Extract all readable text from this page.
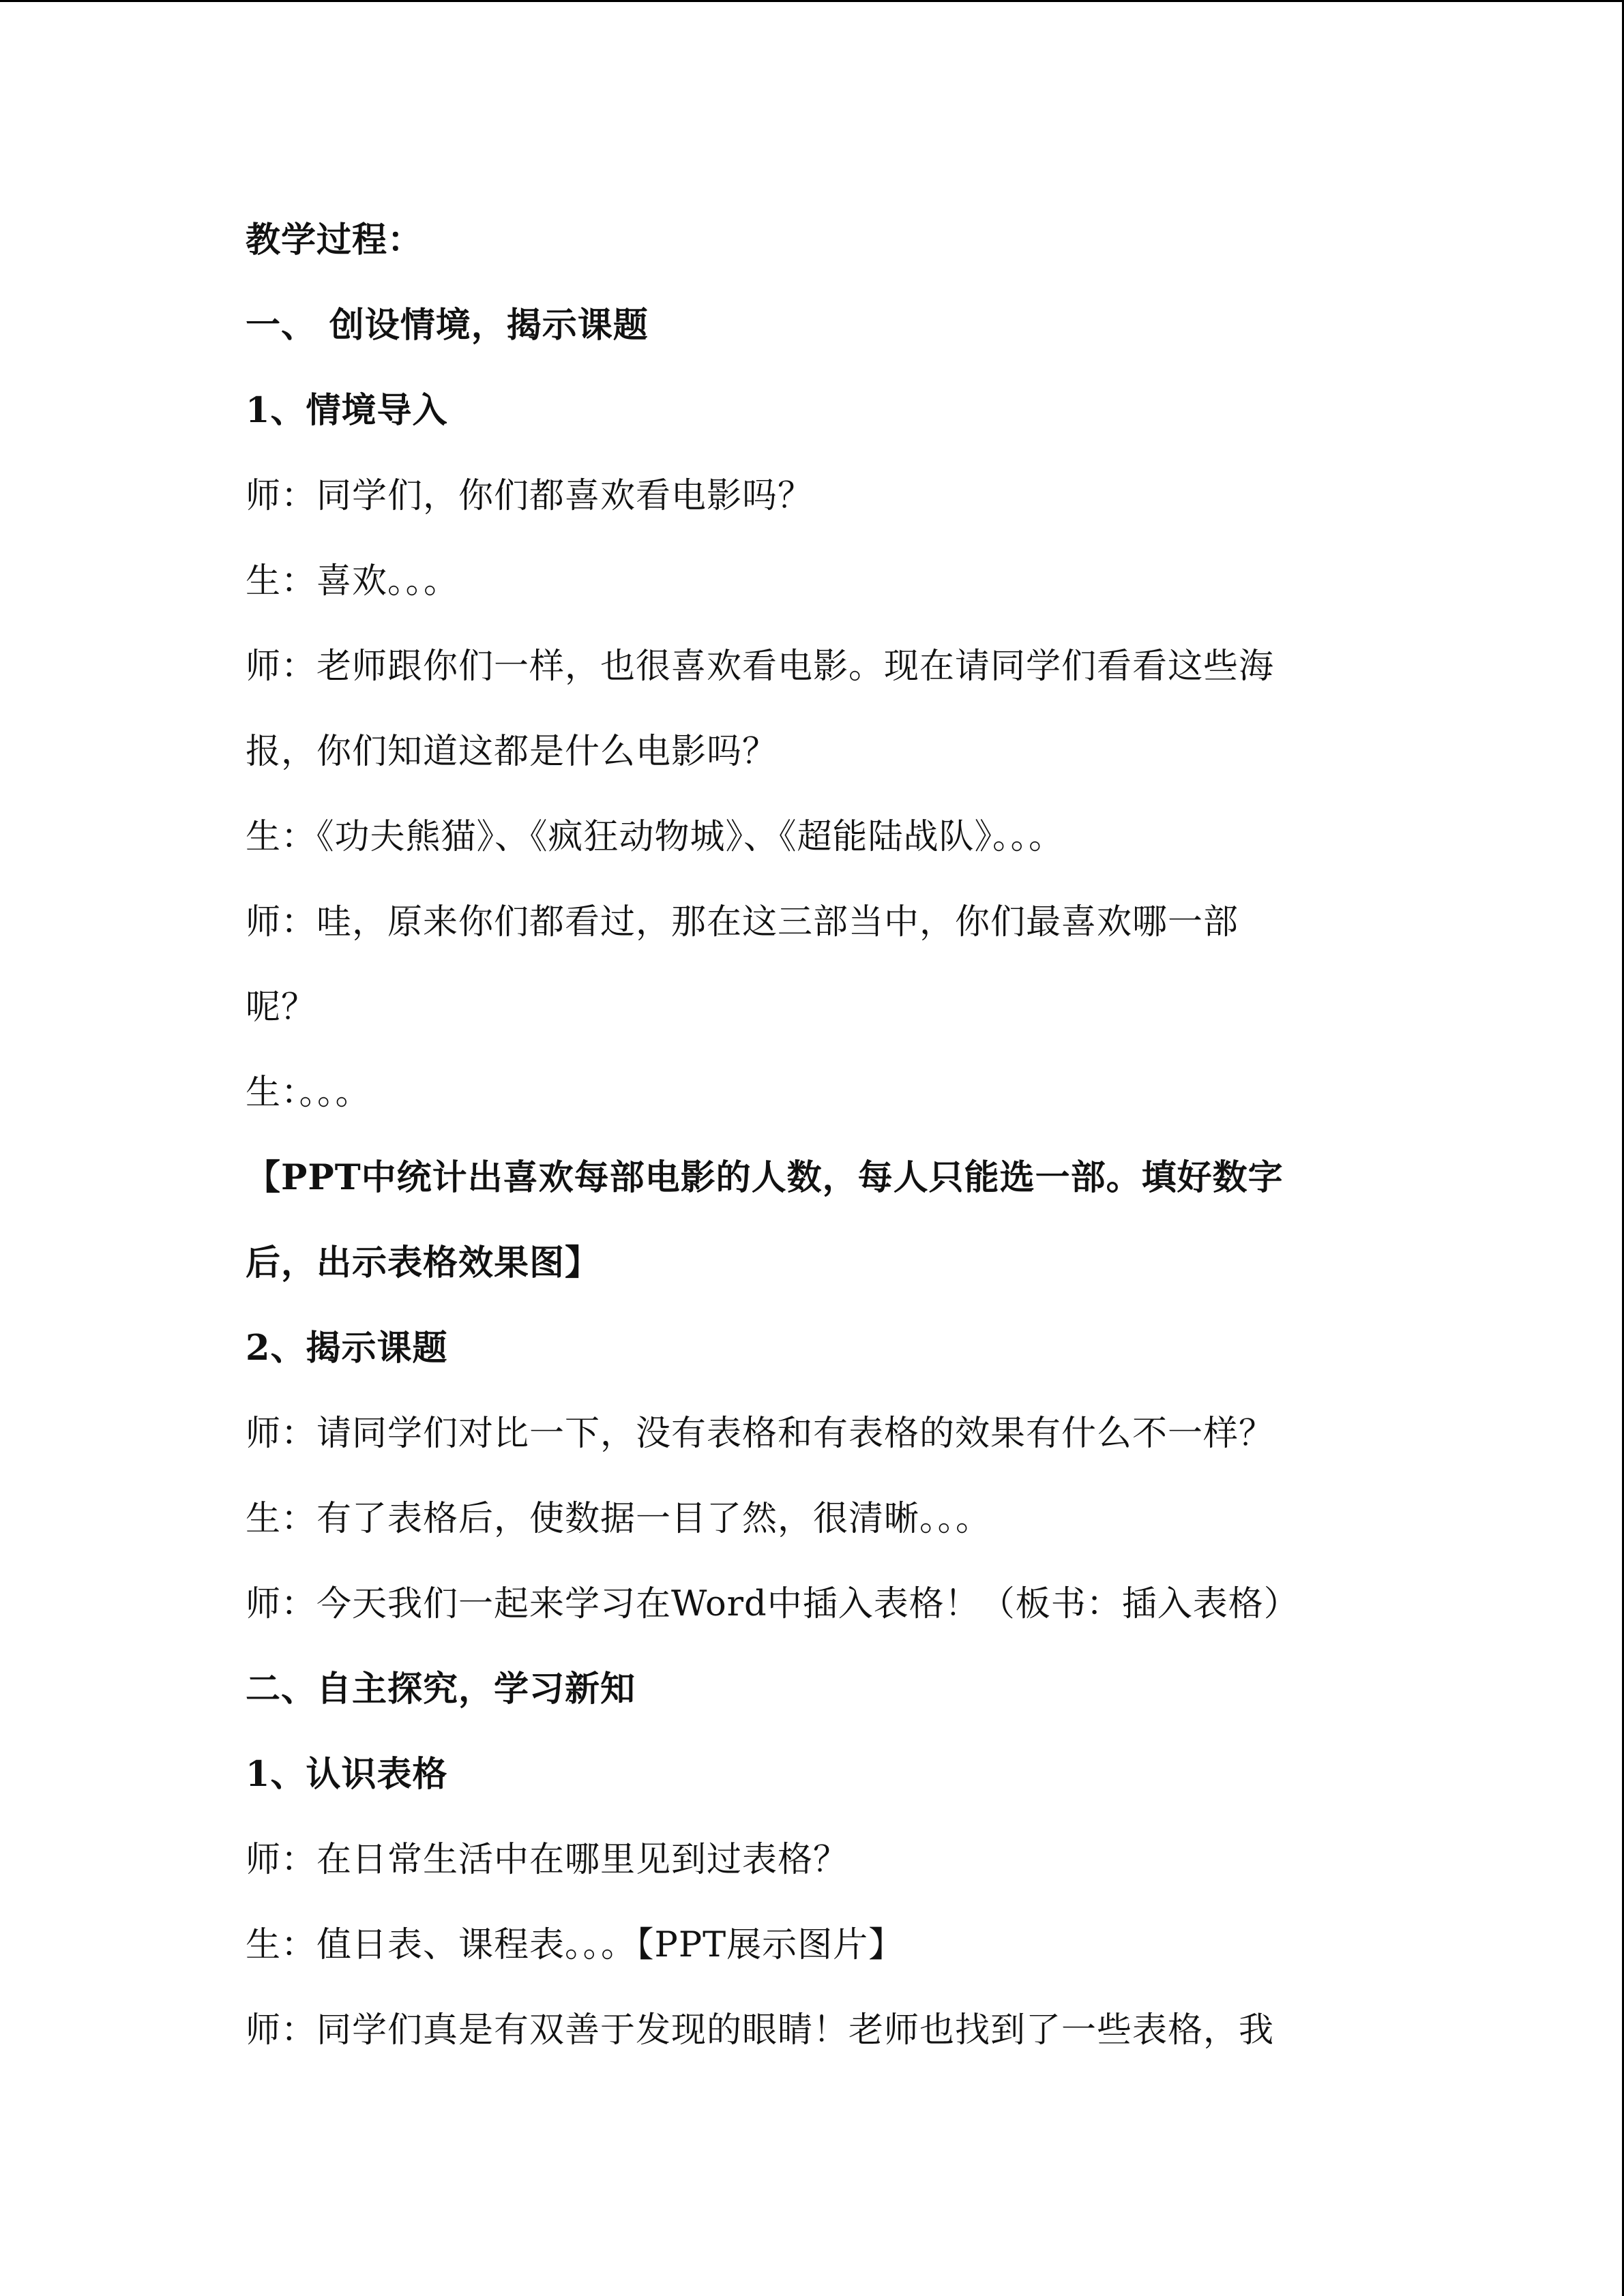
教学过程：

一、 创设情境，揭示课题

1、情境导入

师：同学们，你们都喜欢看电影吗？

生：喜欢。。。

师：老师跟你们一样，也很喜欢看电影。现在请同学们看看这些海

报，你们知道这都是什么电影吗？

生：《功夫熊猫》、《疯狂动物城》、《超能陆战队》。。。

师：哇，原来你们都看过，那在这三部当中，你们最喜欢哪一部

呢？

生：。。。

【PPT中统计出喜欢每部电影的人数，每人只能选一部。填好数字

后，出示表格效果图】

2、揭示课题

师：请同学们对比一下，没有表格和有表格的效果有什么不一样？

生：有了表格后，使数据一目了然，很清晰。。。

师：今天我们一起来学习在Word中插入表格！（板书：插入表格）

二、自主探究，学习新知

1、认识表格

师：在日常生活中在哪里见到过表格？

生：值日表、课程表。。。【PPT展示图片】

师：同学们真是有双善于发现的眼睛！老师也找到了一些表格，我
